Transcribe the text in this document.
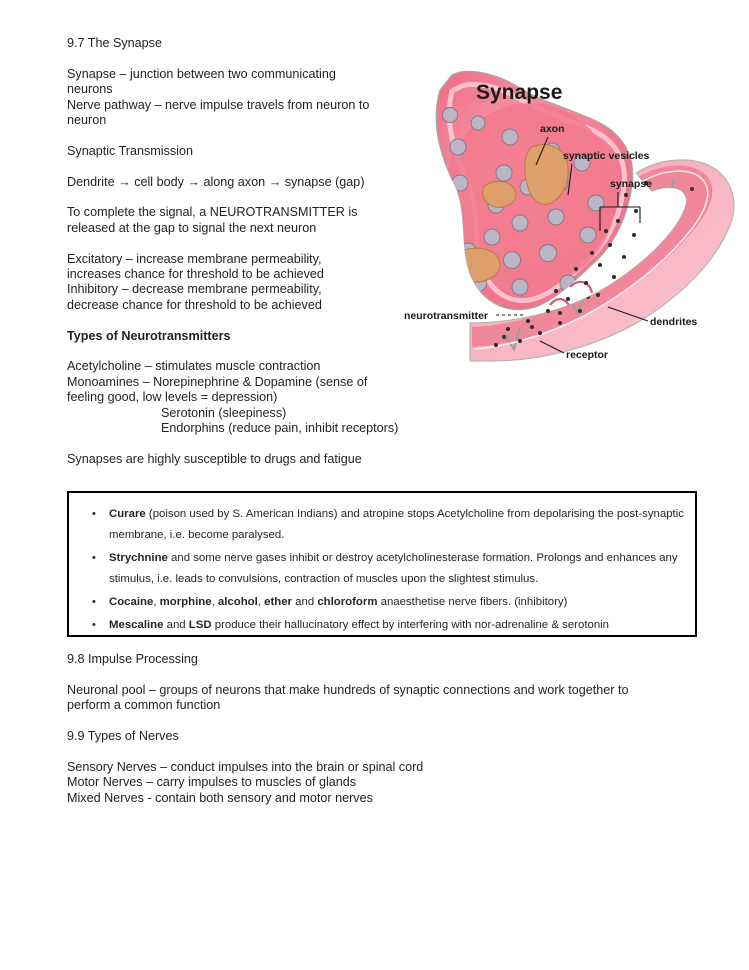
9.7 The Synapse

Synapse – junction between two communicating

neurons

Nerve pathway – nerve impulse travels from neuron to

neuron

Synaptic Transmission

Dendrite → cell body → along axon → synapse (gap)

To complete the signal, a NEUROTRANSMITTER is

released at the gap to signal the next neuron

Excitatory – increase membrane permeability,

increases chance for threshold to be achieved

Inhibitory – decrease membrane permeability,

decrease chance for threshold to be achieved

Types of Neurotransmitters

Acetylcholine – stimulates muscle contraction

Monoamines – Norepinephrine & Dopamine (sense of

feeling good, low levels = depression)

Serotonin (sleepiness)

Endorphins (reduce pain, inhibit receptors)

Synapses are highly susceptible to drugs and fatigue

Synapse
axon
synaptic vesicles
synapse
neurotransmitter	dendrites
receptor
• Curare (poison used by S. American Indians) and atropine stops Acetylcholine from depolarising the post-synaptic membrane, i.e. become paralysed.
• Strychnine and some nerve gases inhibit or destroy acetylcholinesterase formation. Prolongs and enhances any stimulus, i.e. leads to convulsions, contraction of muscles upon the slightest stimulus.
• Cocaine, morphine, alcohol, ether and chloroform anaesthetise nerve fibers. (inhibitory)
• Mescaline and LSD produce their hallucinatory effect by interfering with nor-adrenaline & serotonin

9.8 Impulse Processing

Neuronal pool – groups of neurons that make hundreds of synaptic connections and work together to

perform a common function

9.9 Types of Nerves

Sensory Nerves – conduct impulses into the brain or spinal cord

Motor Nerves – carry impulses to muscles of glands

Mixed Nerves - contain both sensory and motor nerves
